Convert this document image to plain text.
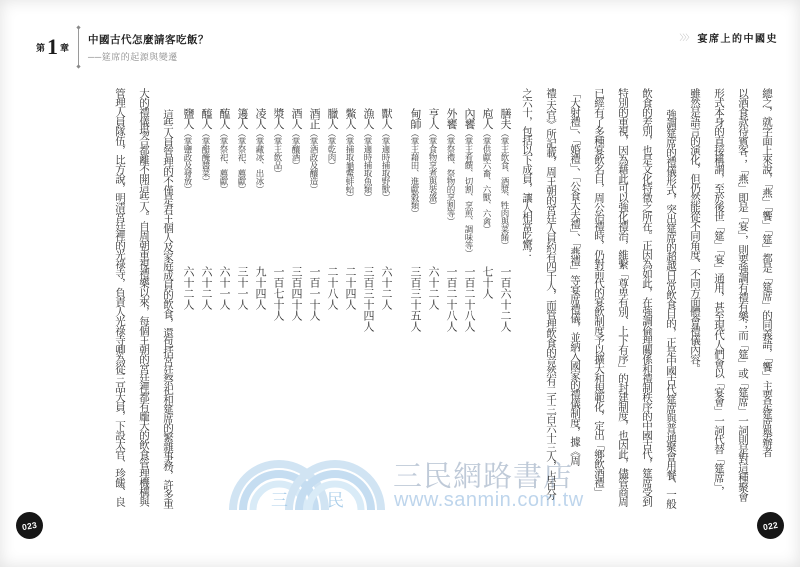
三 民
三民網路書店
www.sanmin.com.tw
第 1 章
中國古代怎麼請客吃飯？
──筵席的起源與變遷
〉〉〉 宴席上的中國史
總之，就字面上來說，「燕」「饗」「筵」都是「筵席」的同義語，「饗」主要是筵席舉辦者
以酒食款待賓客；「燕」即是「宴」，則要強調有禮有樂；而「筵」或「筵席」一詞則是對這種聚會
形式本身的直接稱謂，至於後世「筵」「宴」通用，甚至現代人們會以「宴會」一詞代替「筵席」，
雖然是語言的演化，但仍然能從不同角度、不同方面體會禮儀內容。
強調筵席的禮儀形式，突出筵席的超越日常飲食目的，正是中國古代筵席與普通聚會用餐、一般
飲食的差別，也是文化特徵之所在。正因為如此，在強調倫理關係和禮制秩序的中國古代，筵席受到
特別的重視，因為藉此可以強化禮治，維繫「尊卑有別、上下有序」的封建制度，也因此，儘管商周
已經有了多種宴飲名目，周公治禮時，仍對前代的宴飲制度予以擴大和規範化，定出「鄉飲酒禮」
「大射禮」、「婚禮」、「公食大夫禮」、「燕禮」等宴席禮儀，並納入國家的禮儀制度，據《周
禮·天官》所記載，周王朝的宮廷人員約有四千人，而管理飲食的竟然有二千三百六十三人，占百分
之六十，包括以下成員，讓人相當吃驚：
膳夫（掌王飲食、酒漿、牲肉與菜餚）
一百六十二人
庖人（掌供獻六畜、六獸、六禽）
七十人
內饔（掌王肴饌、切割、烹煎、調味等）
一百二十八人
外饔（掌祭禮、祭物的烹割等）
一百二十八人
亨人（掌食物烹煮與裝盛）
六十二人
甸師（掌王藉田、進獻穀類）
三百三十五人
獸人（掌適時捕取野獸）
六十二人
漁人（掌適時捕取魚類）
三百三十四人
鱉人（掌捕取龜鱉蚌蛤）
二十四人
臘人（掌乾肉）
二十八人
酒正（掌酒政及釀造）
一百一十人
酒人（掌釀酒）
三百四十人
漿人（掌王飲品）
一百七十人
凌人（掌藏冰、出冰）
九十四人
籩人（掌祭祀、薦獻）
三十一人
醢人（掌祭祀、薦獻）
六十一人
醯人（掌醋醃醬菜）
六十二人
鹽人（掌鹽政及發放）
六十二人
這些人員管理的不僅是君王個人及家庭成員的飲食，還包括宮廷祭祀和筵席的繁雜事務，許多重
大的禮儀場合都離不開這些人。自周朝重視禮樂以來，每個王朝的宮廷裡都有龐大的飲食管理機構與
管理人員隊伍，比方說，明清宮廷裡的光祿寺，負責人光祿寺卿為從三品大員，下設太官、珍饈、良
023	022
